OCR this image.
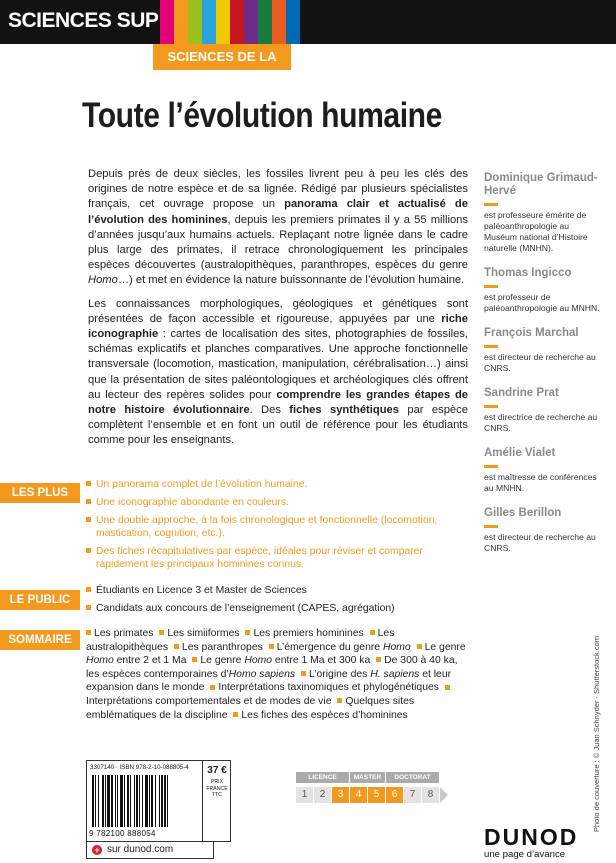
SCIENCES SUP
SCIENCES DE LA TERRE
Toute l’évolution humaine

Depuis près de deux siècles, les fossiles livrent peu à peu les clés des origines de notre espèce et de sa lignée. Rédigé par plusieurs spécialistes français, cet ouvrage propose un panorama clair et actualisé de l’évolution des hominines, depuis les premiers primates il y a 55 millions d’années jusqu’aux humains actuels. Replaçant notre lignée dans le cadre plus large des primates, il retrace chronologiquement les principales espèces découvertes (australopithèques, paranthropes, espèces du genre Homo…) et met en évidence la nature buissonnante de l’évolution humaine.

Les connaissances morphologiques, géologiques et génétiques sont présentées de façon accessible et rigoureuse, appuyées par une riche iconographie : cartes de localisation des sites, photographies de fossiles, schémas explicatifs et planches comparatives. Une approche fonctionnelle transversale (locomotion, mastication, manipulation, cérébralisation…) ainsi que la présentation de sites paléontologiques et archéologiques clés offrent au lecteur des repères solides pour comprendre les grandes étapes de notre histoire évolutionnaire. Des fiches synthétiques par espèce complètent l’ensemble et en font un outil de référence pour les étudiants comme pour les enseignants.

Dominique Grimaud-Hervé
est professeure émérite de paléoanthropologie au Muséum national d’Histoire naturelle (MNHN).
Thomas Ingicco
est professeur de paléoanthropologie au MNHN.
François Marchal
est directeur de recherche au CNRS.
Sandrine Prat
est directrice de recherche au CNRS.
Amélie Vialet
est maîtresse de conférences au MNHN.
Gilles Berillon
est directeur de recherche au CNRS.
LES PLUS
Un panorama complet de l’évolution humaine.
Une iconographie abondante en couleurs.
Une double approche, à la fois chronologique et fonctionnelle (locomotion, mastication, cognition, etc.).
Des fiches récapitulatives par espèce, idéales pour réviser et comparer rapidement les principaux hominines connus.
LE PUBLIC
Étudiants en Licence 3 et Master de Sciences
Candidats aux concours de l’enseignement (CAPES, agrégation)
SOMMAIRE
Les primates Les simiiformes Les premiers hominines Les australopithèques Les paranthropes L’émergence du genre Homo Le genre Homo entre 2 et 1 Ma Le genre Homo entre 1 Ma et 300 ka De 300 à 40 ka, les espèces contemporaines d’Homo sapiens L’origine des H. sapiens et leur expansion dans le monde Interprétations taxinomiques et phylogénétiques Interprétations comportementales et de modes de vie Quelques sites emblématiques de la discipline Les fiches des espèces d’hominines
LICENCE	MASTER	DOCTORAT
1	2	3	4	5	6	7	8
3307140 · ISBN 978-2-10-088805-4
9 782100 888054
37 €
PRIX
FRANCE
TTC
+ sur dunod.com	DUNOD
une page d’avance
Photo de couverture : © Juan Schnyder - Shutterstock.com
